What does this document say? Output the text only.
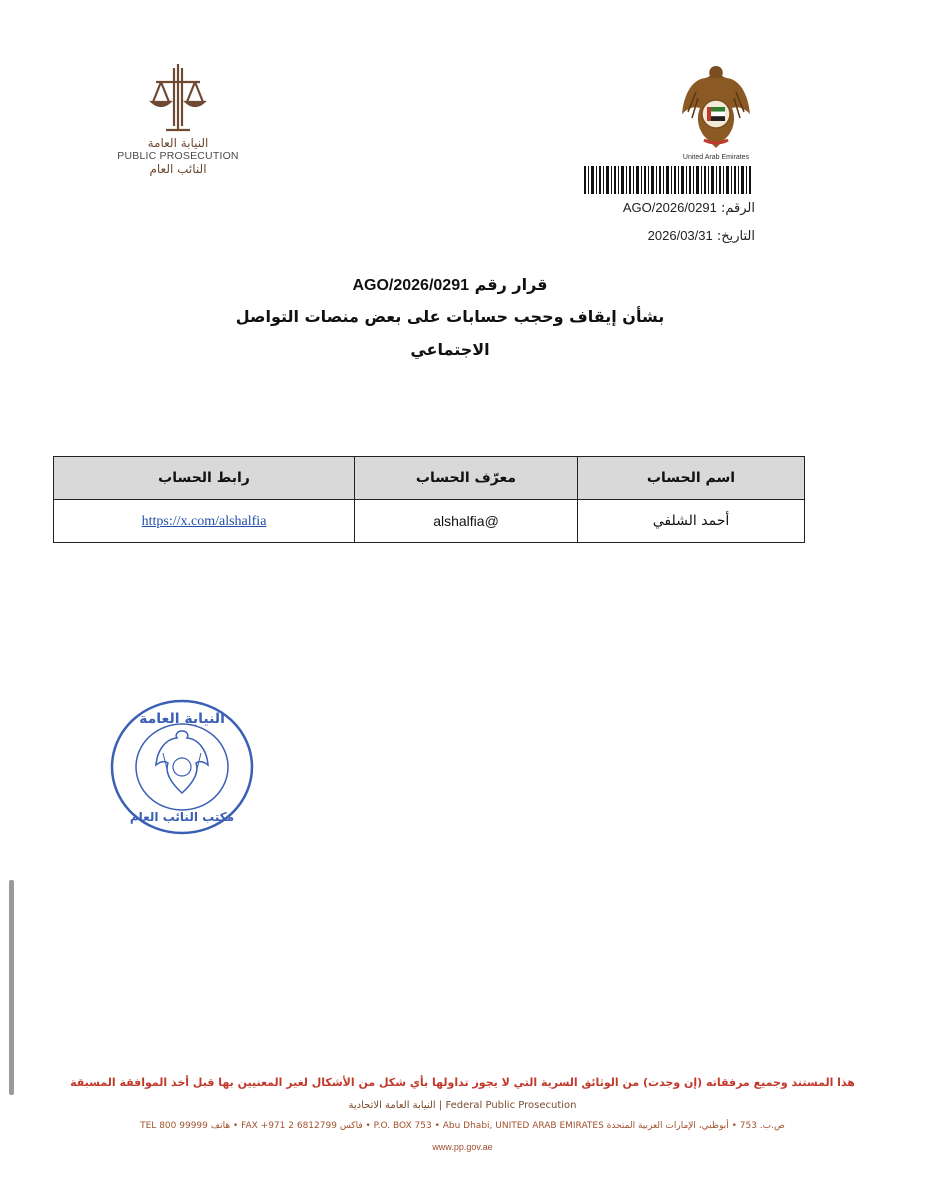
النيابة العامة
PUBLIC PROSECUTION
النائب العام
United Arab Emirates
الرقم: AGO/2026/0291
التاريخ: 2026/03/31
قرار رقم AGO/2026/0291
بشأن إيقاف وحجب حسابات على بعض منصات التواصل
الاجتماعي
اسم الحساب	معرّف الحساب	رابط الحساب
أحمد الشلفي	@alshalfia	https://x.com/alshalfia
النيابة العامة
مكتب النائب العام
هذا المستند وجميع مرفقاته (إن وجدت) من الوثائق السرية التي لا يجوز تداولها بأي شكل من الأشكال لغير المعنيين بها قبل أخذ الموافقة المسبقة
Federal Public Prosecution | النيابة العامة الاتحادية
ص.ب. 753 • أبوظبي، الإمارات العربية المتحدة P.O. BOX 753 • Abu Dhabi, UNITED ARAB EMIRATES • فاكس 6812799 2 971+ FAX • هاتف 99999 800 TEL
www.pp.gov.ae
